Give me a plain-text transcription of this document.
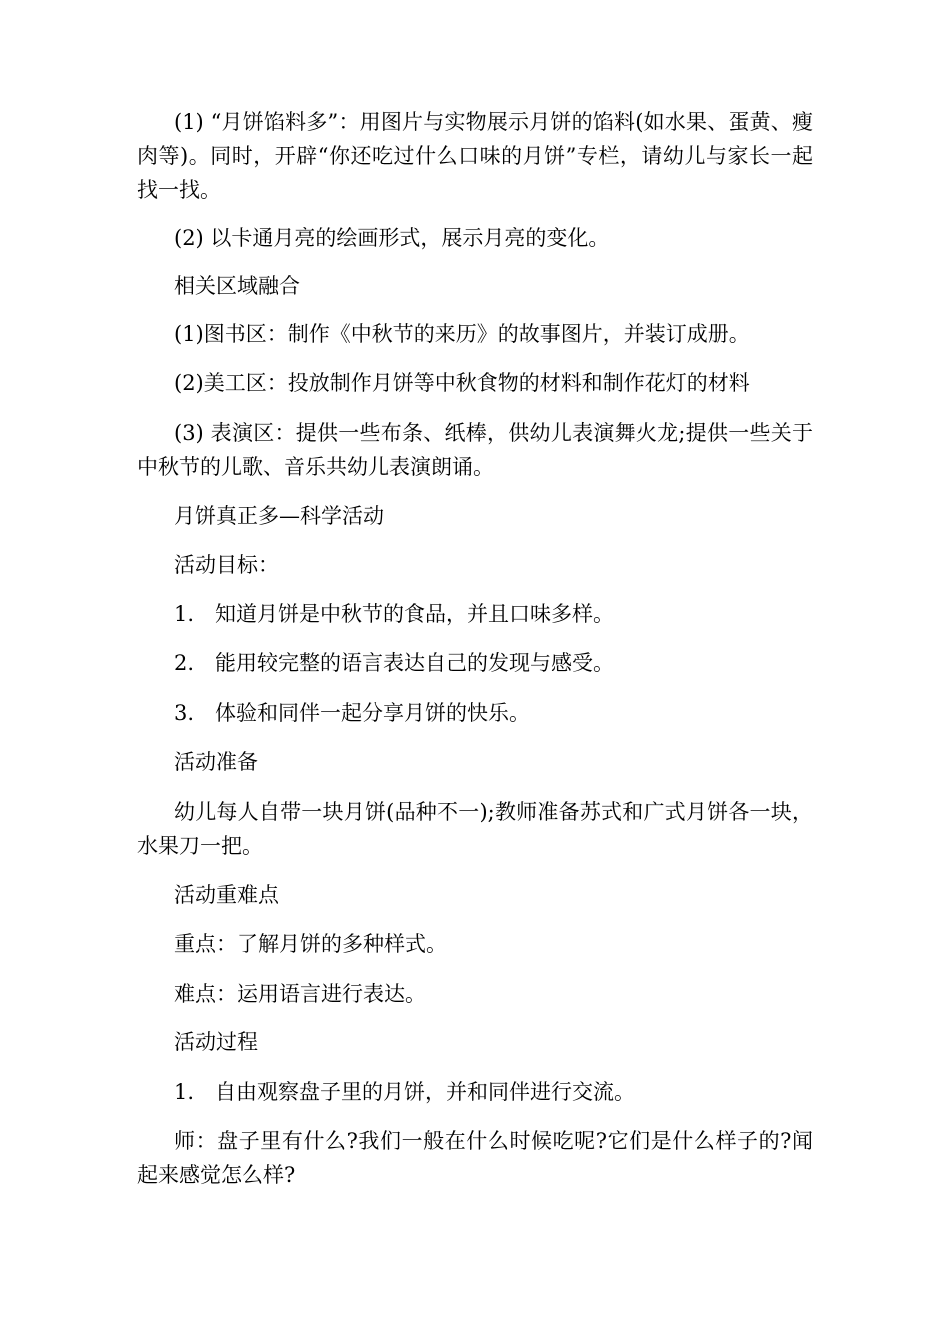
(1) “月饼馅料多”：用图片与实物展示月饼的馅料(如水果、蛋黄、瘦肉等)。同时，开辟“你还吃过什么口味的月饼”专栏，请幼儿与家长一起找一找。

(2) 以卡通月亮的绘画形式，展示月亮的变化。

相关区域融合

(1)图书区：制作《中秋节的来历》的故事图片，并装订成册。

(2)美工区：投放制作月饼等中秋食物的材料和制作花灯的材料

(3) 表演区：提供一些布条、纸棒，供幼儿表演舞火龙;提供一些关于中秋节的儿歌、音乐共幼儿表演朗诵。

月饼真正多—科学活动

活动目标：

1.　知道月饼是中秋节的食品，并且口味多样。

2.　能用较完整的语言表达自己的发现与感受。

3.　体验和同伴一起分享月饼的快乐。

活动准备

幼儿每人自带一块月饼(品种不一);教师准备苏式和广式月饼各一块，水果刀一把。

活动重难点

重点：了解月饼的多种样式。

难点：运用语言进行表达。

活动过程

1.　自由观察盘子里的月饼，并和同伴进行交流。

师：盘子里有什么?我们一般在什么时候吃呢?它们是什么样子的?闻起来感觉怎么样?
